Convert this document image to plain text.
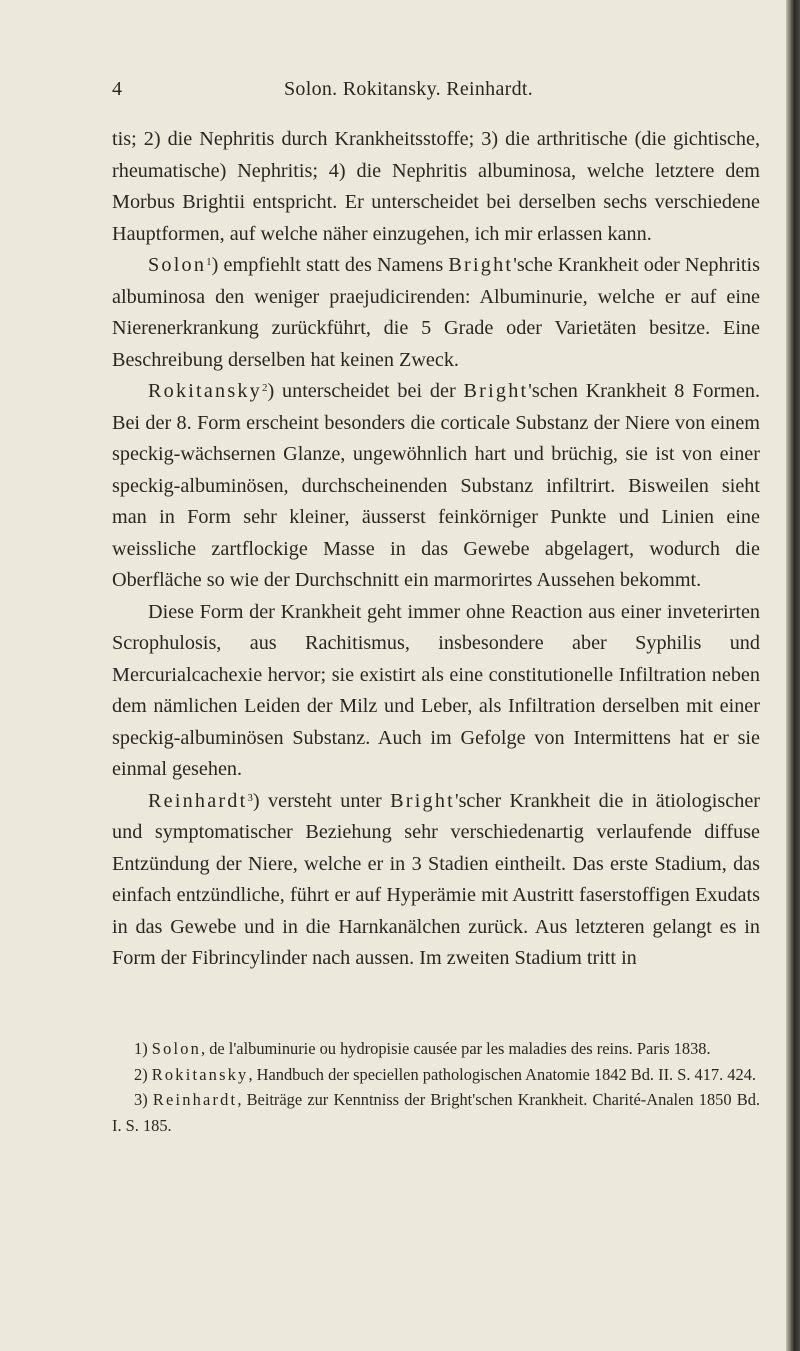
4	Solon. Rokitansky. Reinhardt.

tis; 2) die Nephritis durch Krankheitsstoffe; 3) die arthritische (die gichtische, rheumatische) Nephritis; 4) die Nephritis albuminosa, welche letztere dem Morbus Brightii entspricht. Er unterscheidet bei derselben sechs verschiedene Hauptformen, auf welche näher einzugehen, ich mir erlassen kann.

Solon$^1$) empfiehlt statt des Namens Bright'sche Krankheit oder Nephritis albuminosa den weniger praejudicirenden: Albuminurie, welche er auf eine Nierenerkrankung zurückführt, die 5 Grade oder Varietäten besitze. Eine Beschreibung derselben hat keinen Zweck.

Rokitansky$^2$) unterscheidet bei der Bright'schen Krankheit 8 Formen. Bei der 8. Form erscheint besonders die corticale Substanz der Niere von einem speckig-wächsernen Glanze, ungewöhnlich hart und brüchig, sie ist von einer speckig-albuminösen, durchscheinenden Substanz infiltrirt. Bisweilen sieht man in Form sehr kleiner, äusserst feinkörniger Punkte und Linien eine weissliche zartflockige Masse in das Gewebe abgelagert, wodurch die Oberfläche so wie der Durchschnitt ein marmorirtes Aussehen bekommt.

Diese Form der Krankheit geht immer ohne Reaction aus einer inveterirten Scrophulosis, aus Rachitismus, insbesondere aber Syphilis und Mercurialcachexie hervor; sie existirt als eine constitutionelle Infiltration neben dem nämlichen Leiden der Milz und Leber, als Infiltration derselben mit einer speckig-albuminösen Substanz. Auch im Gefolge von Intermittens hat er sie einmal gesehen.

Reinhardt$^3$) versteht unter Bright'scher Krankheit die in ätiologischer und symptomatischer Beziehung sehr verschiedenartig verlaufende diffuse Entzündung der Niere, welche er in 3 Stadien eintheilt. Das erste Stadium, das einfach entzündliche, führt er auf Hyperämie mit Austritt faserstoffigen Exudats in das Gewebe und in die Harnkanälchen zurück. Aus letzteren gelangt es in Form der Fibrincylinder nach aussen. Im zweiten Stadium tritt in

1) Solon, de l'albuminurie ou hydropisie causée par les maladies des reins. Paris 1838.

2) Rokitansky, Handbuch der speciellen pathologischen Anatomie 1842 Bd. II. S. 417. 424.

3) Reinhardt, Beiträge zur Kenntniss der Bright'schen Krankheit. Charité-Analen 1850 Bd. I. S. 185.
